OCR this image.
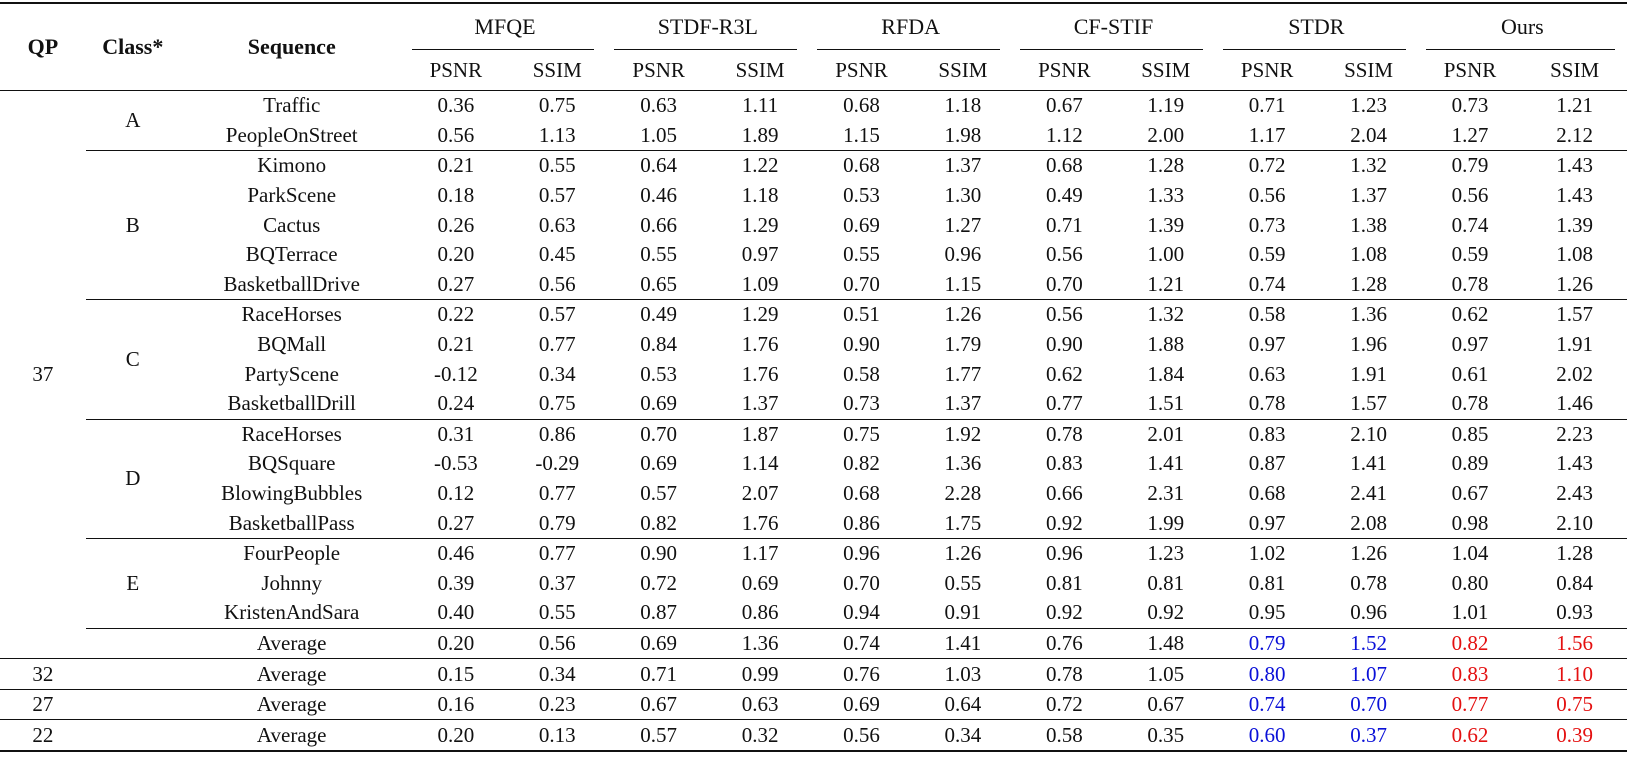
QP	Class*	Sequence	MFQE		STDF-R3L		RFDA		CF-STIF		STDR		Ours	

			PSNR	SSIM	PSNR	SSIM	PSNR	SSIM	PSNR	SSIM	PSNR	SSIM	PSNR	SSIM
37	A	Traffic	0.36	0.75	0.63	1.11	0.68	1.18	0.67	1.19	0.71	1.23	0.73	1.21
		PeopleOnStreet	0.56	1.13	1.05	1.89	1.15	1.98	1.12	2.00	1.17	2.04	1.27	2.12
	B	Kimono	0.21	0.55	0.64	1.22	0.68	1.37	0.68	1.28	0.72	1.32	0.79	1.43
		ParkScene	0.18	0.57	0.46	1.18	0.53	1.30	0.49	1.33	0.56	1.37	0.56	1.43
		Cactus	0.26	0.63	0.66	1.29	0.69	1.27	0.71	1.39	0.73	1.38	0.74	1.39
		BQTerrace	0.20	0.45	0.55	0.97	0.55	0.96	0.56	1.00	0.59	1.08	0.59	1.08
		BasketballDrive	0.27	0.56	0.65	1.09	0.70	1.15	0.70	1.21	0.74	1.28	0.78	1.26
	C	RaceHorses	0.22	0.57	0.49	1.29	0.51	1.26	0.56	1.32	0.58	1.36	0.62	1.57
		BQMall	0.21	0.77	0.84	1.76	0.90	1.79	0.90	1.88	0.97	1.96	0.97	1.91
		PartyScene	-0.12	0.34	0.53	1.76	0.58	1.77	0.62	1.84	0.63	1.91	0.61	2.02
		BasketballDrill	0.24	0.75	0.69	1.37	0.73	1.37	0.77	1.51	0.78	1.57	0.78	1.46
	D	RaceHorses	0.31	0.86	0.70	1.87	0.75	1.92	0.78	2.01	0.83	2.10	0.85	2.23
		BQSquare	-0.53	-0.29	0.69	1.14	0.82	1.36	0.83	1.41	0.87	1.41	0.89	1.43
		BlowingBubbles	0.12	0.77	0.57	2.07	0.68	2.28	0.66	2.31	0.68	2.41	0.67	2.43
		BasketballPass	0.27	0.79	0.82	1.76	0.86	1.75	0.92	1.99	0.97	2.08	0.98	2.10
	E	FourPeople	0.46	0.77	0.90	1.17	0.96	1.26	0.96	1.23	1.02	1.26	1.04	1.28
		Johnny	0.39	0.37	0.72	0.69	0.70	0.55	0.81	0.81	0.81	0.78	0.80	0.84
		KristenAndSara	0.40	0.55	0.87	0.86	0.94	0.91	0.92	0.92	0.95	0.96	1.01	0.93
		Average	0.20	0.56	0.69	1.36	0.74	1.41	0.76	1.48	0.79	1.52	0.82	1.56
32		Average	0.15	0.34	0.71	0.99	0.76	1.03	0.78	1.05	0.80	1.07	0.83	1.10
27		Average	0.16	0.23	0.67	0.63	0.69	0.64	0.72	0.67	0.74	0.70	0.77	0.75
22		Average	0.20	0.13	0.57	0.32	0.56	0.34	0.58	0.35	0.60	0.37	0.62	0.39
